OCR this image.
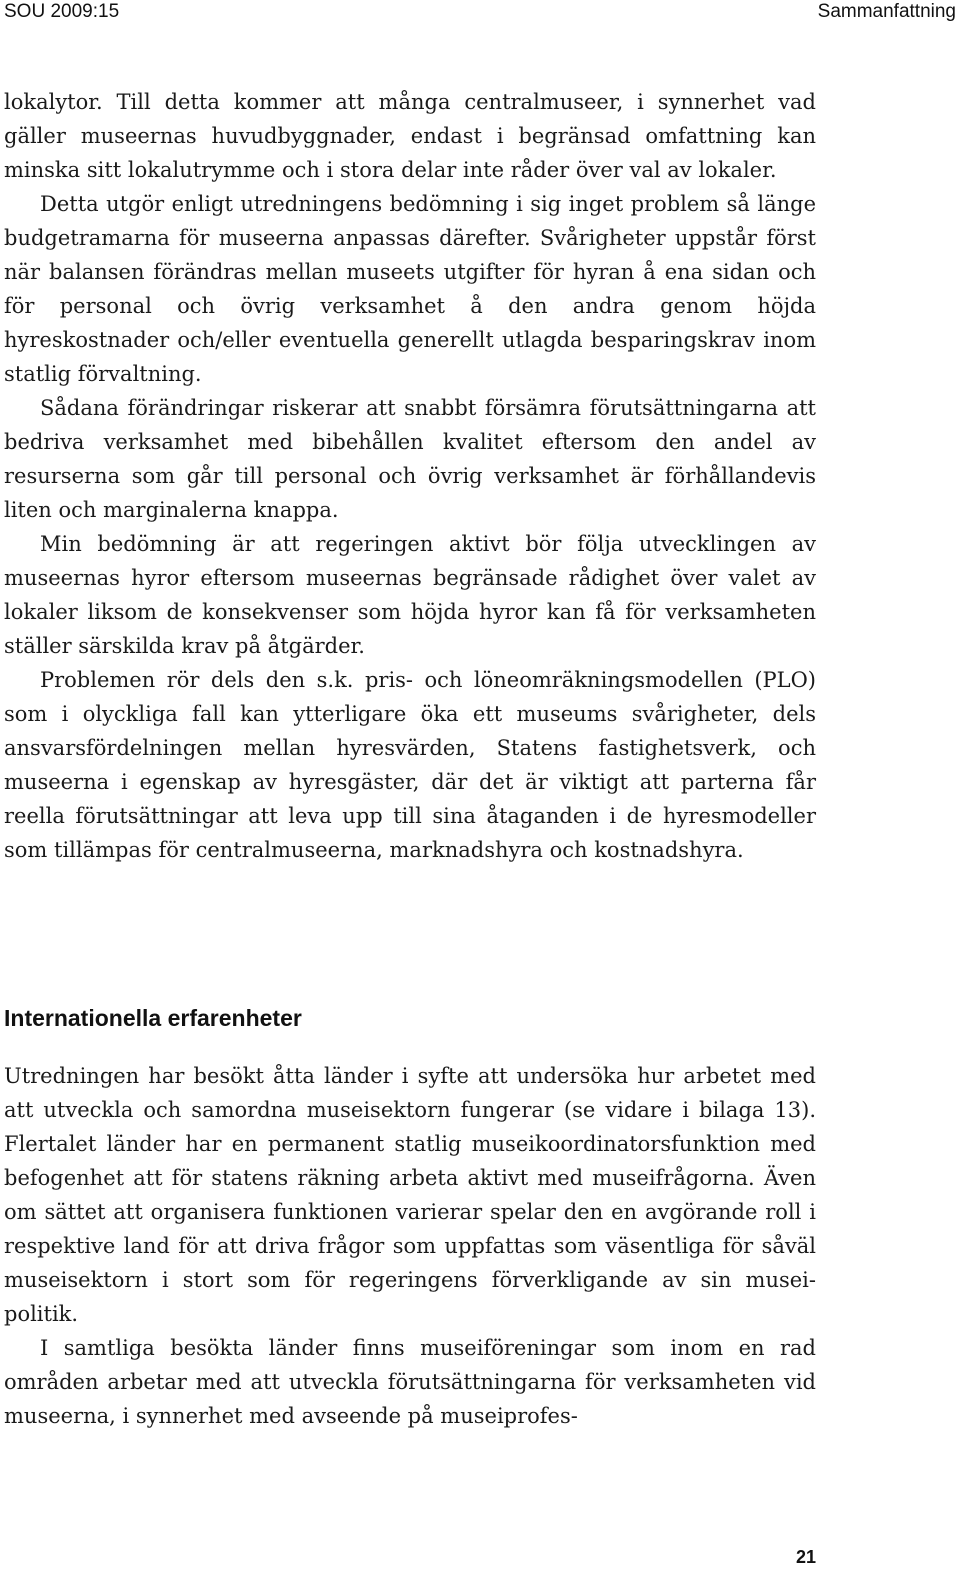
SOU 2009:15	Sammanfattning

lokalytor. Till detta kommer att många centralmuseer, i synnerhet vad gäller museernas huvudbyggnader, endast i begränsad omfattning kan minska sitt lokalutrymme och i stora delar inte råder över val av lokaler.

Detta utgör enligt utredningens bedömning i sig inget problem så länge budgetramarna för museerna anpassas därefter. Svårigheter uppstår först när balansen förändras mellan museets utgifter för hyran å ena sidan och för personal och övrig verksamhet å den andra genom höjda hyreskostnader och/eller eventuella generellt utlagda besparingskrav inom statlig förvaltning.

Sådana förändringar riskerar att snabbt försämra förutsättningarna att bedriva verksamhet med bibehållen kvalitet eftersom den andel av resurserna som går till personal och övrig verksamhet är förhållandevis liten och marginalerna knappa.

Min bedömning är att regeringen aktivt bör följa utvecklingen av museernas hyror eftersom museernas begränsade rådighet över valet av lokaler liksom de konsekvenser som höjda hyror kan få för verksamheten ställer särskilda krav på åtgärder.

Problemen rör dels den s.k. pris- och löneomräkningsmodellen (PLO) som i olyckliga fall kan ytterligare öka ett museums svårigheter, dels ansvarsfördelningen mellan hyresvärden, Statens fastighetsverk, och museerna i egenskap av hyresgäster, där det är viktigt att parterna får reella förutsättningar att leva upp till sina åtaganden i de hyresmodeller som tillämpas för centralmuseerna, marknadshyra och kostnadshyra.

Internationella erfarenheter

Utredningen har besökt åtta länder i syfte att undersöka hur arbetet med att utveckla och samordna museisektorn fungerar (se vidare i bilaga 13). Flertalet länder har en permanent statlig museikoordinatorsfunktion med befogenhet att för statens räkning arbeta aktivt med museifrågorna. Även om sättet att organisera funktionen varierar spelar den en avgörande roll i respektive land för att driva frågor som uppfattas som väsentliga för såväl museisektorn i stort som för regeringens förverkligande av sin museipolitik.

I samtliga besökta länder finns museiföreningar som inom en rad områden arbetar med att utveckla förutsättningarna för verksamheten vid museerna, i synnerhet med avseende på museiprofes-

21
